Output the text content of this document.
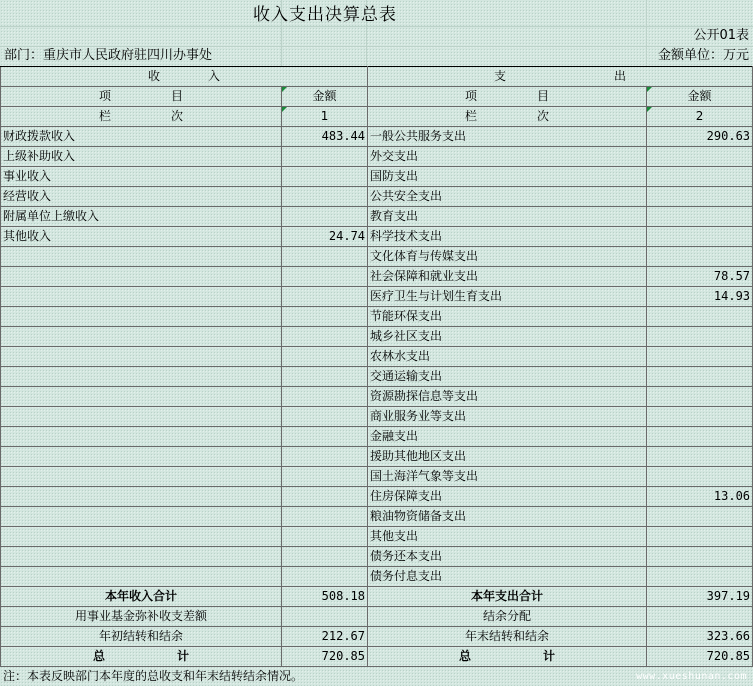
收入支出决算总表
公开01表
部门：重庆市人民政府驻四川办事处	金额单位：万元
收　　　　入		支　　　　　　　　　出	
项　　　　　目	金额	项　　　　　目	金额
栏　　　　　次	1	栏　　　　　次	2
财政拨款收入	483.44	一般公共服务支出	290.63
上级补助收入		外交支出	
事业收入		国防支出	
经营收入		公共安全支出	
附属单位上缴收入		教育支出	
其他收入	24.74	科学技术支出	
		文化体育与传媒支出	
		社会保障和就业支出	78.57
		医疗卫生与计划生育支出	14.93
		节能环保支出	
		城乡社区支出	
		农林水支出	
		交通运输支出	
		资源勘探信息等支出	
		商业服务业等支出	
		金融支出	
		援助其他地区支出	
		国土海洋气象等支出	
		住房保障支出	13.06
		粮油物资储备支出	
		其他支出	
		债务还本支出	
		债务付息支出	
本年收入合计	508.18	本年支出合计	397.19
用事业基金弥补收支差额		结余分配	
年初结转和结余	212.67	年末结转和结余	323.66
总　　　　　　计	720.85	总　　　　　　计	720.85
注：本表反映部门本年度的总收支和年末结转结余情况。	www.xueshunan.com
